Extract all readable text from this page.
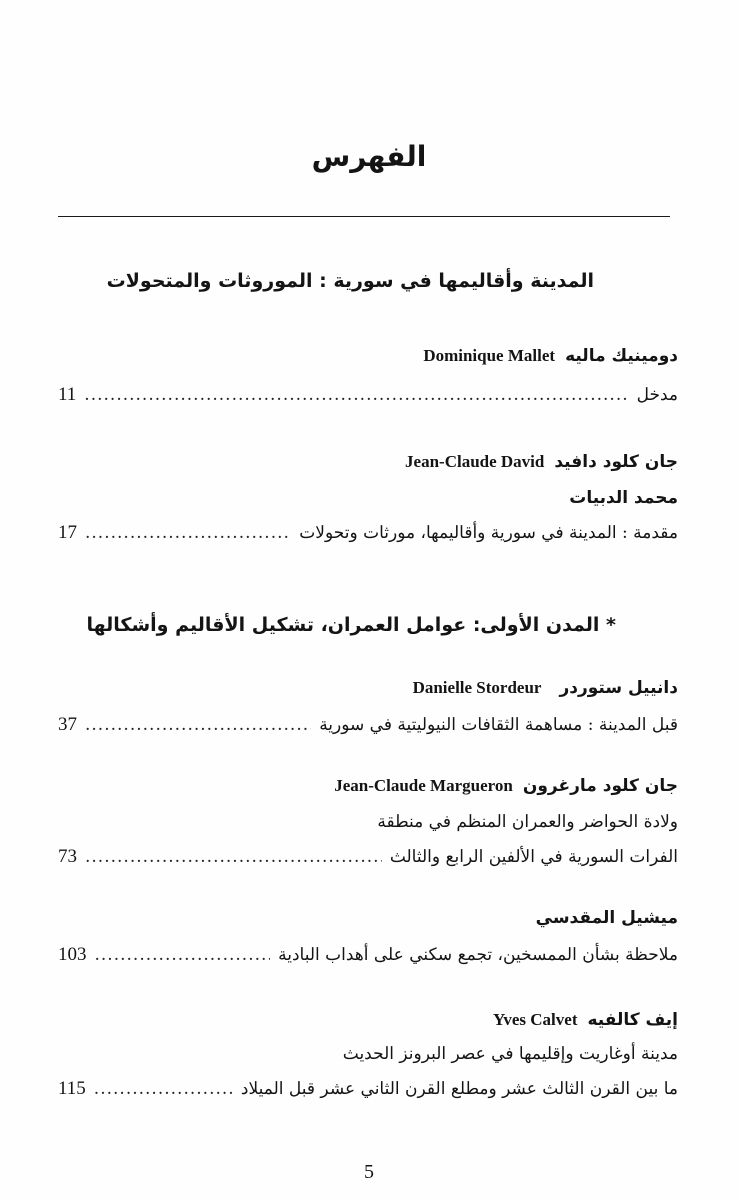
الفهرس
المدينة وأقاليمها في سورية : الموروثات والمتحولات
دومينيك ماليهDominique Mallet
مدخل
.....
11
جان كلود دافيدJean-Claude David
محمد الدبيات
مقدمة : المدينة في سورية وأقاليمها، مورثات وتحولات
.....
17
* المدن الأولى: عوامل العمران، تشكيل الأقاليم وأشكالها
دانييل ستوردرDanielle Stordeur
قبل المدينة : مساهمة الثقافات النيوليتية في سورية
.....
37
جان كلود مارغرونJean-Claude Margueron
ولادة الحواضر والعمران المنظم في منطقة
الفرات السورية في الألفين الرابع والثالث
.....
73
ميشيل المقدسي
ملاحظة بشأن الممسخين، تجمع سكني على أهداب البادية
.....
103
إيف كالفيهYves Calvet
مدينة أوغاريت وإقليمها في عصر البرونز الحديث
ما بين القرن الثالث عشر ومطلع القرن الثاني عشر قبل الميلاد
.....
115
5
